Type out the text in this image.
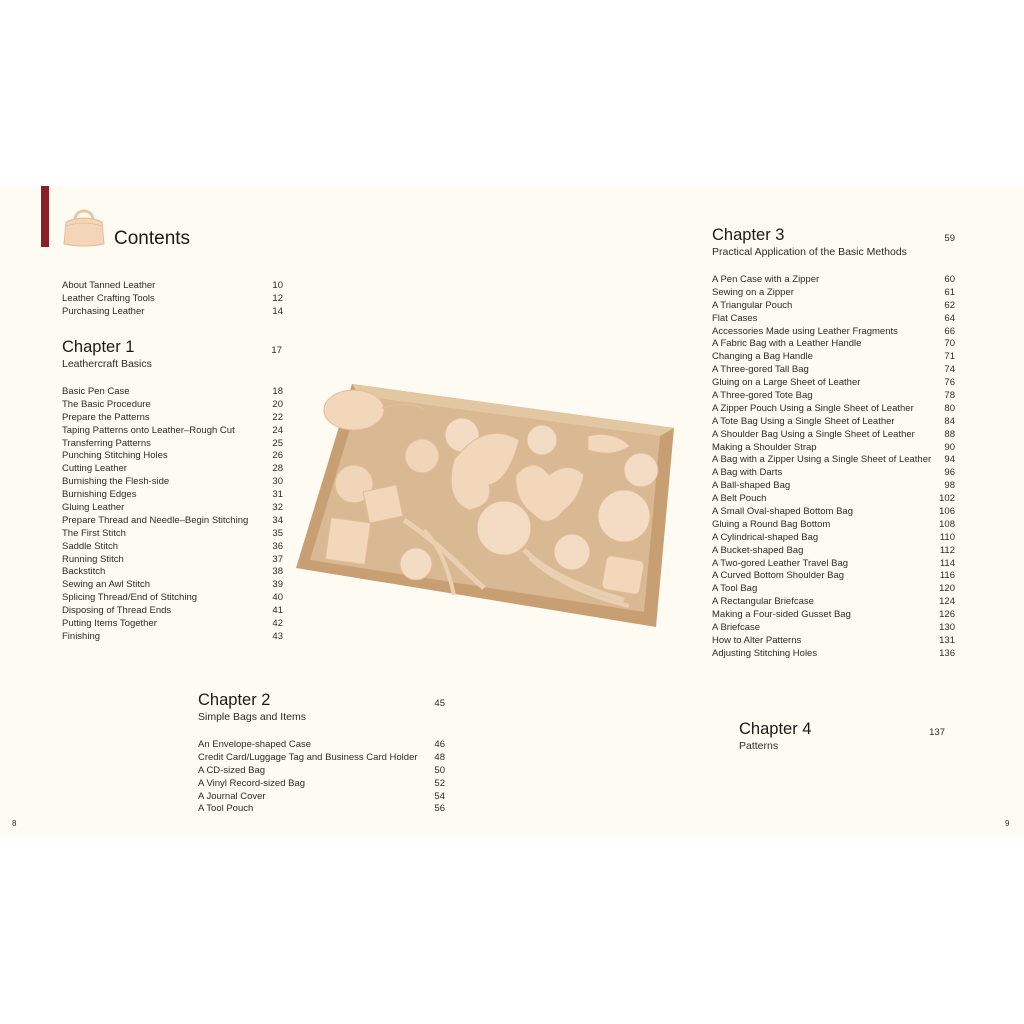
Contents
About Tanned Leather	10
Leather Crafting Tools	12
Purchasing Leather	14
Chapter 1
Leathercraft Basics
17
Basic Pen Case	18
The Basic Procedure	20
Prepare the Patterns	22
Taping Patterns onto Leather–Rough Cut	24
Transferring Patterns	25
Punching Stitching Holes	26
Cutting Leather	28
Burnishing the Flesh-side	30
Burnishing Edges	31
Gluing Leather	32
Prepare Thread and Needle–Begin Stitching	34
The First Stitch	35
Saddle Stitch	36
Running Stitch	37
Backstitch	38
Sewing an Awl Stitch	39
Splicing Thread/End of Stitching	40
Disposing of Thread Ends	41
Putting Items Together	42
Finishing	43
Chapter 2
Simple Bags and Items
45
An Envelope-shaped Case	46
Credit Card/Luggage Tag and Business Card Holder 48
A CD-sized Bag	50
A Vinyl Record-sized Bag	52
A Journal Cover	54
A Tool Pouch	56
Chapter 3
Practical Application of the Basic Methods
59
A Pen Case with a Zipper	60
Sewing on a Zipper	61
A Triangular Pouch	62
Flat Cases	64
Accessories Made using Leather Fragments	66
A Fabric Bag with a Leather Handle	70
Changing a Bag Handle	71
A Three-gored Tall Bag	74
Gluing on a Large Sheet of Leather	76
A Three-gored Tote Bag	78
A Zipper Pouch Using a Single Sheet of Leather	80
A Tote Bag Using a Single Sheet of Leather	84
A Shoulder Bag Using a Single Sheet of Leather	88
Making a Shoulder Strap	90
A Bag with a Zipper Using a Single Sheet of Leather 94
A Bag with Darts	96
A Ball-shaped Bag	98
A Belt Pouch	102
A Small Oval-shaped Bottom Bag	106
Gluing a Round Bag Bottom	108
A Cylindrical-shaped Bag	110
A Bucket-shaped Bag	112
A Two-gored Leather Travel Bag	114
A Curved Bottom Shoulder Bag	116
A Tool Bag	120
A Rectangular Briefcase	124
Making a Four-sided Gusset Bag	126
A Briefcase	130
How to Alter Patterns	131
Adjusting Stitching Holes	136
Chapter 4
Patterns
137
8	9
